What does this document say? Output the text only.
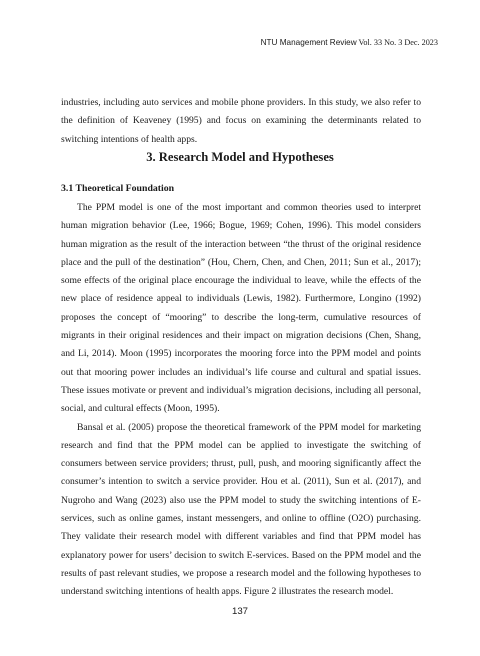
NTU Management Review Vol. 33 No. 3 Dec. 2023

industries, including auto services and mobile phone providers. In this study, we also refer to the definition of Keaveney (1995) and focus on examining the determinants related to switching intentions of health apps.

3. Research Model and Hypotheses
3.1 Theoretical Foundation

The PPM model is one of the most important and common theories used to interpret human migration behavior (Lee, 1966; Bogue, 1969; Cohen, 1996). This model considers human migration as the result of the interaction between “the thrust of the original residence place and the pull of the destination” (Hou, Chern, Chen, and Chen, 2011; Sun et al., 2017); some effects of the original place encourage the individual to leave, while the effects of the new place of residence appeal to individuals (Lewis, 1982). Furthermore, Longino (1992) proposes the concept of “mooring” to describe the long-term, cumulative resources of migrants in their original residences and their impact on migration decisions (Chen, Shang, and Li, 2014). Moon (1995) incorporates the mooring force into the PPM model and points out that mooring power includes an individual’s life course and cultural and spatial issues. These issues motivate or prevent and individual’s migration decisions, including all personal, social, and cultural effects (Moon, 1995).

Bansal et al. (2005) propose the theoretical framework of the PPM model for marketing research and find that the PPM model can be applied to investigate the switching of consumers between service providers; thrust, pull, push, and mooring significantly affect the consumer’s intention to switch a service provider. Hou et al. (2011), Sun et al. (2017), and Nugroho and Wang (2023) also use the PPM model to study the switching intentions of E-services, such as online games, instant messengers, and online to offline (O2O) purchasing. They validate their research model with different variables and find that PPM model has explanatory power for users’ decision to switch E-services. Based on the PPM model and the results of past relevant studies, we propose a research model and the following hypotheses to understand switching intentions of health apps. Figure 2 illustrates the research model.

137
